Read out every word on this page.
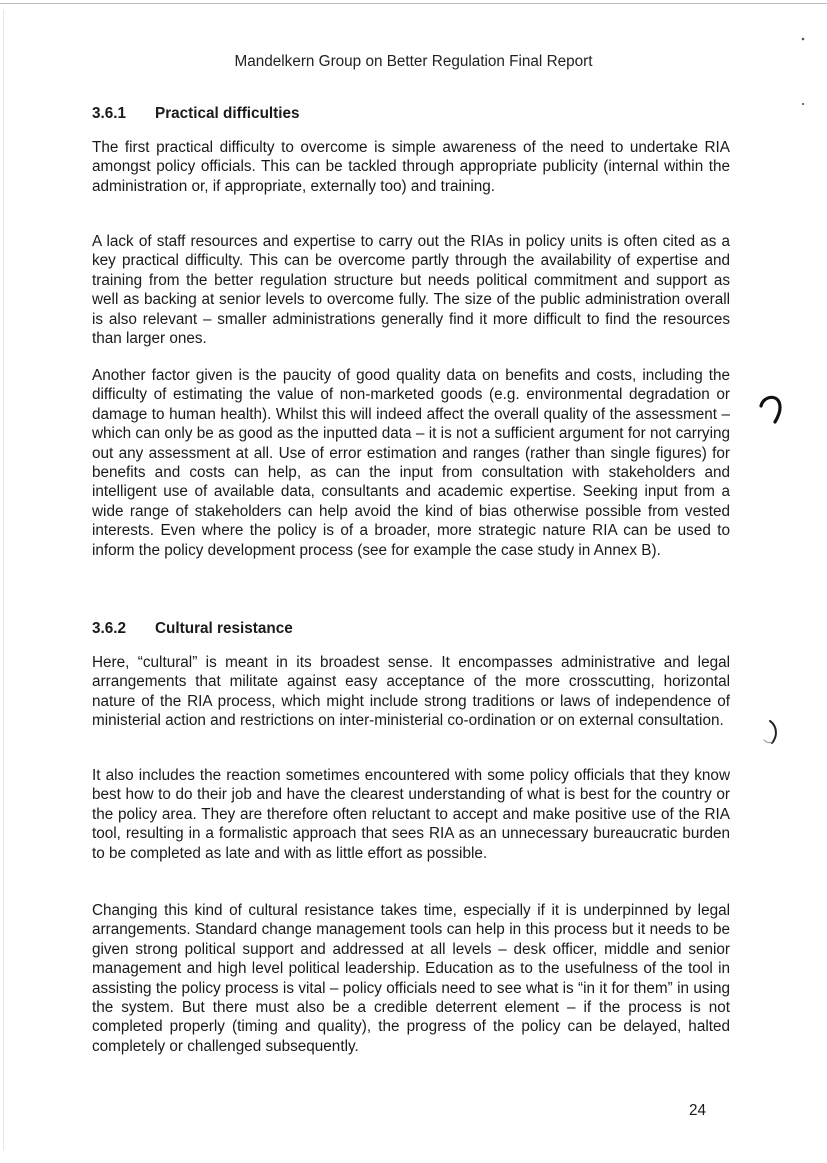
Mandelkern Group on Better Regulation Final Report
3.6.1 Practical difficulties
The first practical difficulty to overcome is simple awareness of the need to undertake RIA amongst policy officials. This can be tackled through appropriate publicity (internal within the administration or, if appropriate, externally too) and training.
A lack of staff resources and expertise to carry out the RIAs in policy units is often cited as a key practical difficulty. This can be overcome partly through the availability of expertise and training from the better regulation structure but needs political commitment and support as well as backing at senior levels to overcome fully. The size of the public administration overall is also relevant – smaller administrations generally find it more difficult to find the resources than larger ones.
Another factor given is the paucity of good quality data on benefits and costs, including the difficulty of estimating the value of non-marketed goods (e.g. environmental degradation or damage to human health). Whilst this will indeed affect the overall quality of the assessment – which can only be as good as the inputted data – it is not a sufficient argument for not carrying out any assessment at all. Use of error estimation and ranges (rather than single figures) for benefits and costs can help, as can the input from consultation with stakeholders and intelligent use of available data, consultants and academic expertise. Seeking input from a wide range of stakeholders can help avoid the kind of bias otherwise possible from vested interests. Even where the policy is of a broader, more strategic nature RIA can be used to inform the policy development process (see for example the case study in Annex B).
3.6.2 Cultural resistance
Here, “cultural” is meant in its broadest sense. It encompasses administrative and legal arrangements that militate against easy acceptance of the more crosscutting, horizontal nature of the RIA process, which might include strong traditions or laws of independence of ministerial action and restrictions on inter-ministerial co-ordination or on external consultation.
It also includes the reaction sometimes encountered with some policy officials that they know best how to do their job and have the clearest understanding of what is best for the country or the policy area. They are therefore often reluctant to accept and make positive use of the RIA tool, resulting in a formalistic approach that sees RIA as an unnecessary bureaucratic burden to be completed as late and with as little effort as possible.
Changing this kind of cultural resistance takes time, especially if it is underpinned by legal arrangements. Standard change management tools can help in this process but it needs to be given strong political support and addressed at all levels – desk officer, middle and senior management and high level political leadership. Education as to the usefulness of the tool in assisting the policy process is vital – policy officials need to see what is “in it for them” in using the system. But there must also be a credible deterrent element – if the process is not completed properly (timing and quality), the progress of the policy can be delayed, halted completely or challenged subsequently.
24
